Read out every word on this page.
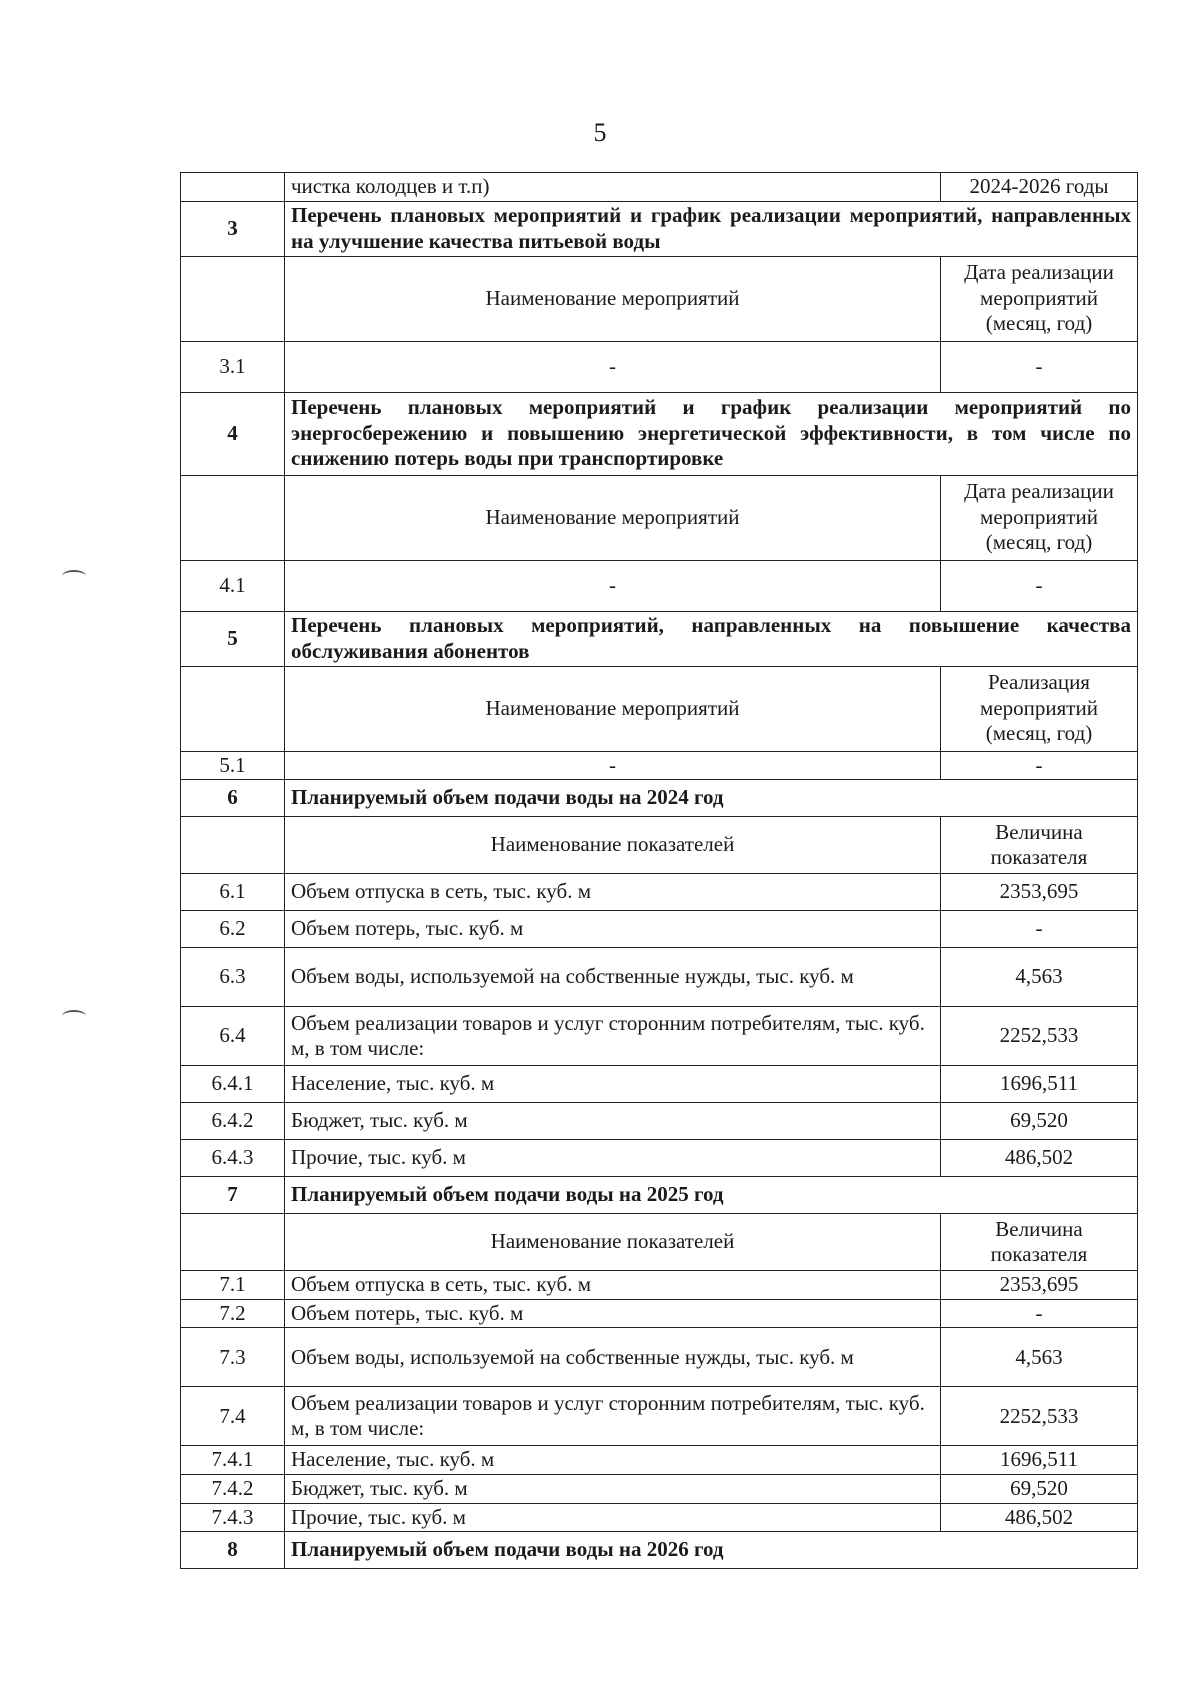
5
	чистка колодцев и т.п)	2024-2026 годы
3	Перечень плановых мероприятий и график реализации мероприятий, направленных на улучшение качества питьевой воды	
	Наименование мероприятий	Дата реализации мероприятий (месяц, год)
3.1	-	-
4	Перечень плановых мероприятий и график реализации мероприятий по энергосбережению и повышению энергетической эффективности, в том числе по снижению потерь воды при транспортировке	
	Наименование мероприятий	Дата реализации мероприятий (месяц, год)
4.1	-	-
5	Перечень плановых мероприятий, направленных на повышение качества обслуживания абонентов	
	Наименование мероприятий	Реализация мероприятий (месяц, год)
5.1	-	-
6	Планируемый объем подачи воды на 2024 год	
	Наименование показателей	Величина показателя
6.1	Объем отпуска в сеть, тыс. куб. м	2353,695
6.2	Объем потерь, тыс. куб. м	-
6.3	Объем воды, используемой на собственные нужды, тыс. куб. м	4,563
6.4	Объем реализации товаров и услуг сторонним потребителям, тыс. куб. м, в том числе:	2252,533
6.4.1	Население, тыс. куб. м	1696,511
6.4.2	Бюджет, тыс. куб. м	69,520
6.4.3	Прочие, тыс. куб. м	486,502
7	Планируемый объем подачи воды на 2025 год	
	Наименование показателей	Величина показателя
7.1	Объем отпуска в сеть, тыс. куб. м	2353,695
7.2	Объем потерь, тыс. куб. м	-
7.3	Объем воды, используемой на собственные нужды, тыс. куб. м	4,563
7.4	Объем реализации товаров и услуг сторонним потребителям, тыс. куб. м, в том числе:	2252,533
7.4.1	Население, тыс. куб. м	1696,511
7.4.2	Бюджет, тыс. куб. м	69,520
7.4.3	Прочие, тыс. куб. м	486,502
8	Планируемый объем подачи воды на 2026 год	
